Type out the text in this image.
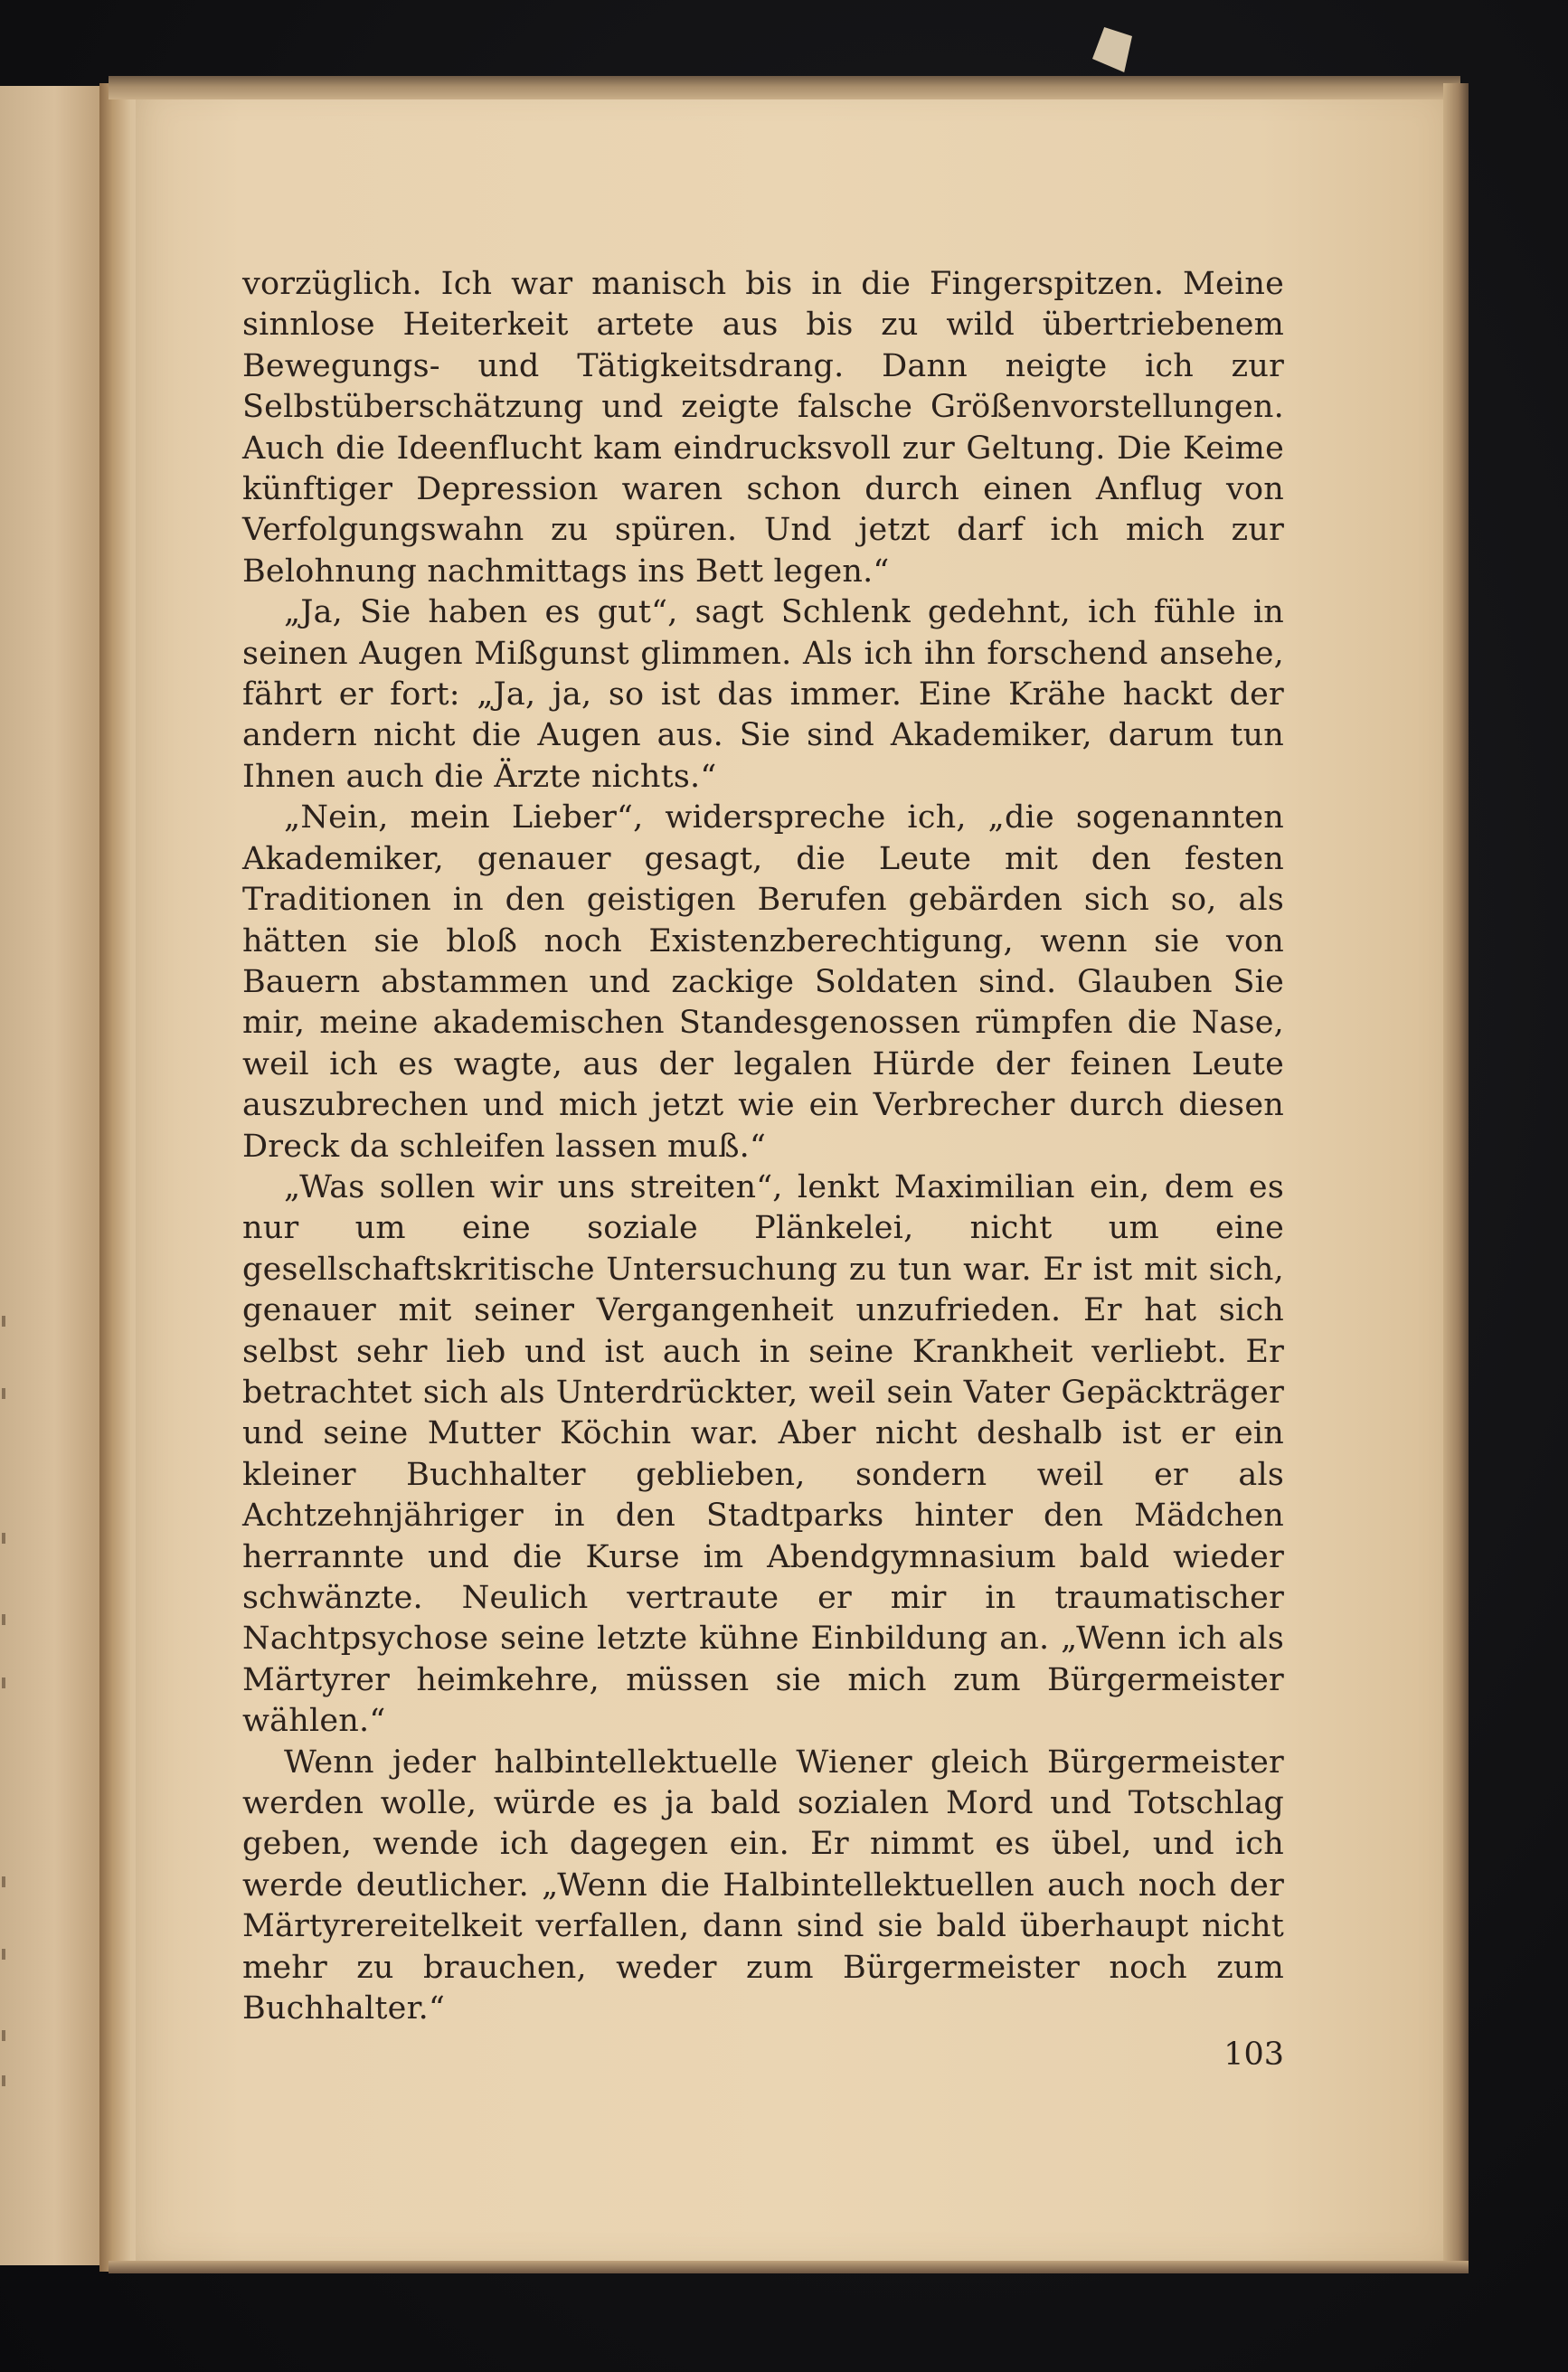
vorzüglich. Ich war manisch bis in die Fingerspitzen. Meine sinnlose Heiterkeit artete aus bis zu wild übertriebenem Bewegungs- und Tätigkeitsdrang. Dann neigte ich zur Selbstüberschätzung und zeigte falsche Größenvorstellungen. Auch die Ideenflucht kam eindrucksvoll zur Geltung. Die Keime künftiger Depression waren schon durch einen Anflug von Verfolgungswahn zu spüren. Und jetzt darf ich mich zur Belohnung nachmittags ins Bett legen.“

„Ja, Sie haben es gut“, sagt Schlenk gedehnt, ich fühle in seinen Augen Mißgunst glimmen. Als ich ihn forschend ansehe, fährt er fort: „Ja, ja, so ist das immer. Eine Krähe hackt der andern nicht die Augen aus. Sie sind Akademiker, darum tun Ihnen auch die Ärzte nichts.“

„Nein, mein Lieber“, widerspreche ich, „die sogenannten Akademiker, genauer gesagt, die Leute mit den festen Traditionen in den geistigen Berufen gebärden sich so, als hätten sie bloß noch Existenzberechtigung, wenn sie von Bauern abstammen und zackige Soldaten sind. Glauben Sie mir, meine akademischen Standesgenossen rümpfen die Nase, weil ich es wagte, aus der legalen Hürde der feinen Leute auszubrechen und mich jetzt wie ein Verbrecher durch diesen Dreck da schleifen lassen muß.“

„Was sollen wir uns streiten“, lenkt Maximilian ein, dem es nur um eine soziale Plänkelei, nicht um eine gesellschaftskritische Untersuchung zu tun war. Er ist mit sich, genauer mit seiner Vergangenheit unzufrieden. Er hat sich selbst sehr lieb und ist auch in seine Krankheit verliebt. Er betrachtet sich als Unterdrückter, weil sein Vater Gepäckträger und seine Mutter Köchin war. Aber nicht deshalb ist er ein kleiner Buchhalter geblieben, sondern weil er als Achtzehnjähriger in den Stadtparks hinter den Mädchen herrannte und die Kurse im Abendgymnasium bald wieder schwänzte. Neulich vertraute er mir in traumatischer Nachtpsychose seine letzte kühne Einbildung an. „Wenn ich als Märtyrer heimkehre, müssen sie mich zum Bürgermeister wählen.“

Wenn jeder halbintellektuelle Wiener gleich Bürgermeister werden wolle, würde es ja bald sozialen Mord und Totschlag geben, wende ich dagegen ein. Er nimmt es übel, und ich werde deutlicher. „Wenn die Halbintellektuellen auch noch der Märtyrereitelkeit verfallen, dann sind sie bald überhaupt nicht mehr zu brauchen, weder zum Bürgermeister noch zum Buchhalter.“

103
